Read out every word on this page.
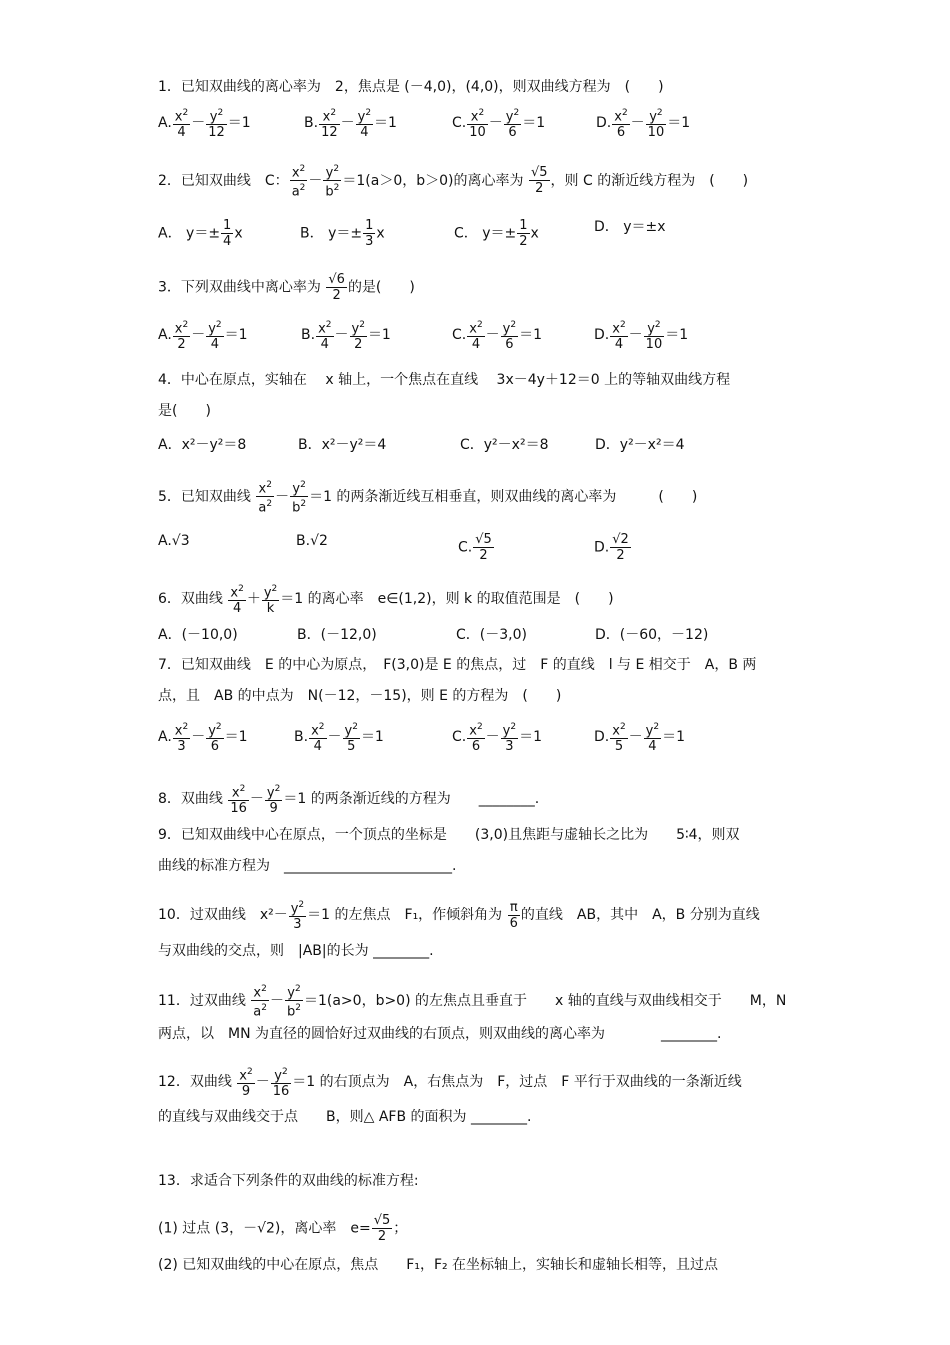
1．已知双曲线的离心率为　2，焦点是 (－4,0)，(4,0)，则双曲线方程为　(　　)
A. $\frac{x^2}{4} - \frac{y^2}{12} =1$	B. $\frac{x^2}{12} - \frac{y^2}{4} =1$	C. $\frac{x^2}{10} - \frac{y^2}{6} =1$	D. $\frac{x^2}{6} - \frac{y^2}{10} =1$
2．已知双曲线　C： $\frac{x^2}{a^2} - \frac{y^2}{b^2} =1(a>0$，b＞0)的离心率为 $\frac{√5}{2}$ ，则 C 的渐近线方程为　(　　)
A． $y=\pm \frac{1}{4}$ x	B． $y=\pm \frac{1}{3}$ x	C． $y=\pm \frac{1}{2}$ x	D． y＝±x
3．下列双曲线中离心率为 $\frac{√6}{2}$ 的是(　　)
A. $\frac{x^2}{2} - \frac{y^2}{4} =1$	B. $\frac{x^2}{4} - \frac{y^2}{2} =1$	C. $\frac{x^2}{4} - \frac{y^2}{6} =1$	D. $\frac{x^2}{4} - \frac{y^2}{10} =1$
4．中心在原点，实轴在　 x 轴上，一个焦点在直线　 3x－4y＋12＝0 上的等轴双曲线方程
是(　　)
A．x²－y²＝8	B．x²－y²＝4	C．y²－x²＝8	D．y²－x²＝4
5．已知双曲线 $\frac{x^2}{a^2} - \frac{y^2}{b^2} =1$ 的两条渐近线互相垂直，则双曲线的离心率为　　　(　　)
A.√3	B.√2	C. $\frac{√5}{2}$	D. $\frac{√2}{2}$
6．双曲线 $\frac{x^2}{4} + \frac{y^2}{k} =1$ 的离心率　e∈(1,2)，则 k 的取值范围是　(　　)
A．(－10,0)	B．(－12,0)	C．(－3,0)	D．(－60，－12)
7．已知双曲线　E 的中心为原点，　F(3,0)是 E 的焦点，过　F 的直线　l 与 E 相交于　A，B 两
点，且　AB 的中点为　N(－12，－15)，则 E 的方程为　(　　)
A. $\frac{x^2}{3} - \frac{y^2}{6} =1$	B. $\frac{x^2}{4} - \frac{y^2}{5} =1$	C. $\frac{x^2}{6} - \frac{y^2}{3} =1$	D. $\frac{x^2}{5} - \frac{y^2}{4} =1$
8．双曲线 $\frac{x^2}{16} - \frac{y^2}{9} =1$ 的两条渐近线的方程为　　________.
9．已知双曲线中心在原点，一个顶点的坐标是　　(3,0)且焦距与虚轴长之比为　　5∶4，则双
曲线的标准方程为　________________________.
10．过双曲线　$x^2- \frac{y^2}{3} =1$ 的左焦点　F₁，作倾斜角为 $\frac{\pi}{6}$ 的直线　AB，其中　A，B 分别为直线
与双曲线的交点，则　|AB|的长为 ________.
11．过双曲线 $\frac{x^2}{a^2} - \frac{y^2}{b^2} =1(a>0$，b>0) 的左焦点且垂直于　　x 轴的直线与双曲线相交于　　M，N
两点，以　MN 为直径的圆恰好过双曲线的右顶点，则双曲线的离心率为　　　　________.
12．双曲线 $\frac{x^2}{9} - \frac{y^2}{16} =1$ 的右顶点为　A，右焦点为　F，过点　F 平行于双曲线的一条渐近线
的直线与双曲线交于点　　B，则△ AFB 的面积为 ________.
13．求适合下列条件的双曲线的标准方程:
(1) 过点 (3，－√2)，离心率　$e= \frac{√5}{2}$ ；
(2) 已知双曲线的中心在原点，焦点　　F₁，F₂ 在坐标轴上，实轴长和虚轴长相等，且过点
